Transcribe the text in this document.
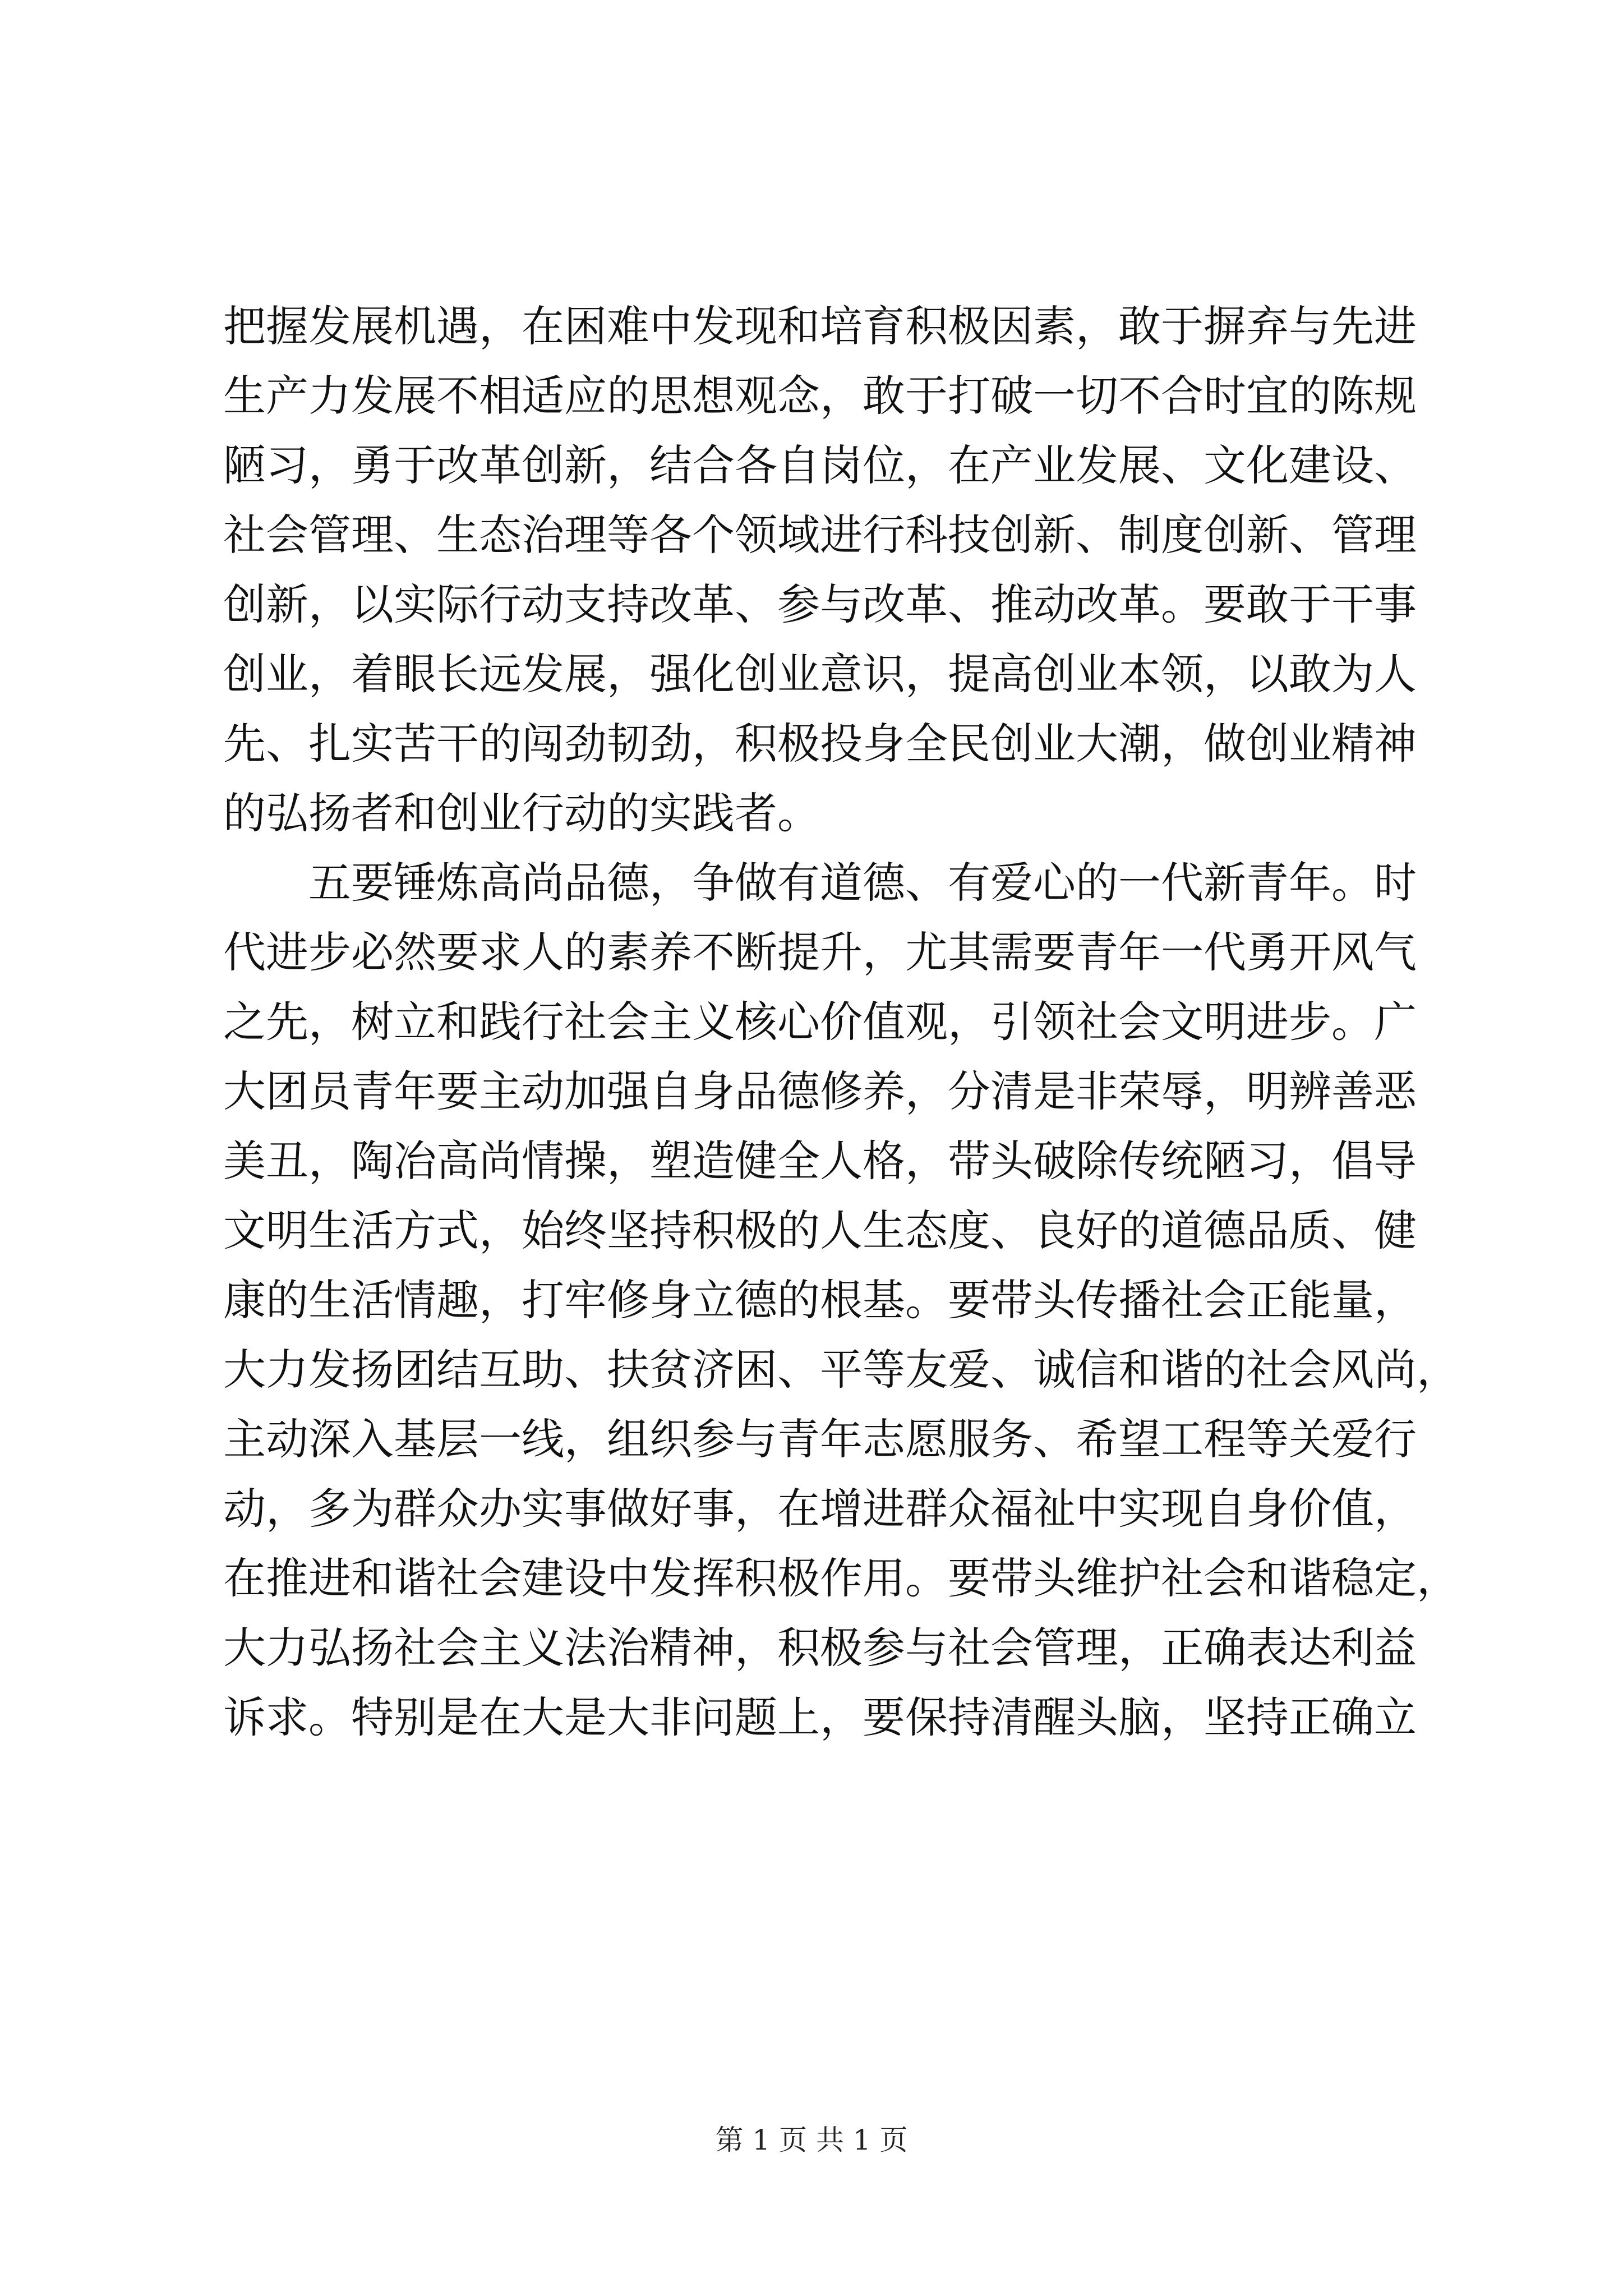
把握发展机遇，在困难中发现和培育积极因素，敢于摒弃与先进
生产力发展不相适应的思想观念，敢于打破一切不合时宜的陈规
陋习，勇于改革创新，结合各自岗位，在产业发展、文化建设、
社会管理、生态治理等各个领域进行科技创新、制度创新、管理
创新，以实际行动支持改革、参与改革、推动改革。要敢于干事
创业，着眼长远发展，强化创业意识，提高创业本领，以敢为人
先、扎实苦干的闯劲韧劲，积极投身全民创业大潮，做创业精神
的弘扬者和创业行动的实践者。
五要锤炼高尚品德，争做有道德、有爱心的一代新青年。时
代进步必然要求人的素养不断提升，尤其需要青年一代勇开风气
之先，树立和践行社会主义核心价值观，引领社会文明进步。广
大团员青年要主动加强自身品德修养，分清是非荣辱，明辨善恶
美丑，陶冶高尚情操，塑造健全人格，带头破除传统陋习，倡导
文明生活方式，始终坚持积极的人生态度、良好的道德品质、健
康的生活情趣，打牢修身立德的根基。要带头传播社会正能量，
大力发扬团结互助、扶贫济困、平等友爱、诚信和谐的社会风尚，
主动深入基层一线，组织参与青年志愿服务、希望工程等关爱行
动，多为群众办实事做好事，在增进群众福祉中实现自身价值，
在推进和谐社会建设中发挥积极作用。要带头维护社会和谐稳定，
大力弘扬社会主义法治精神，积极参与社会管理，正确表达利益
诉求。特别是在大是大非问题上，要保持清醒头脑，坚持正确立
第 1 页 共 1 页
